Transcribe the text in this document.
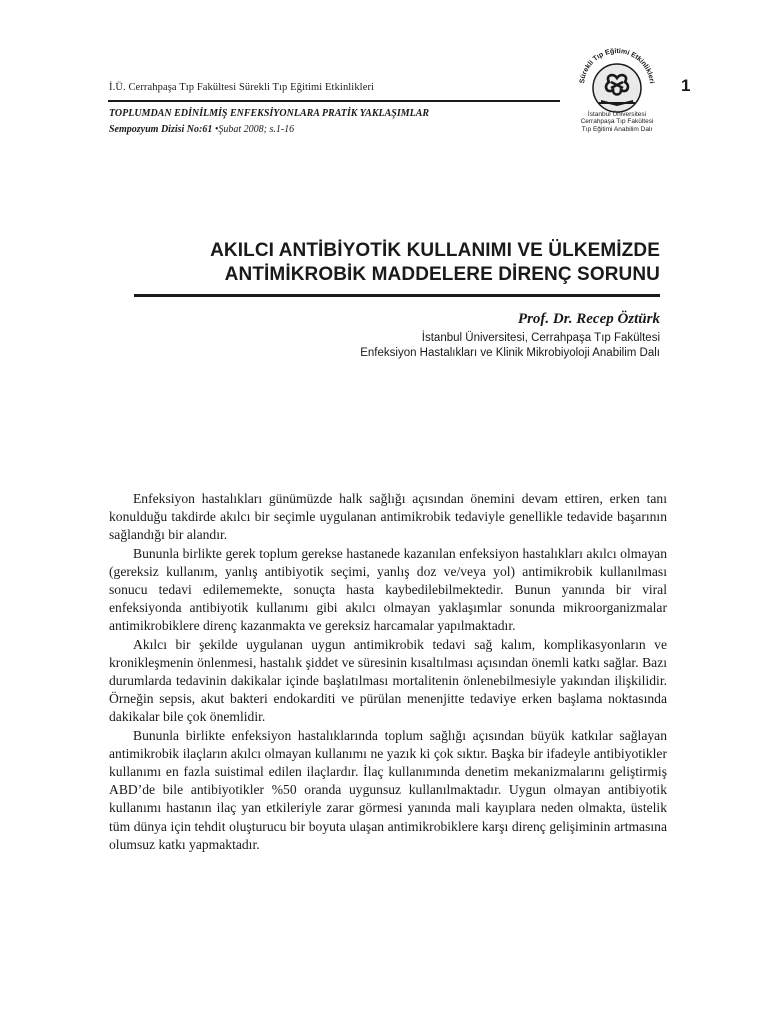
İ.Ü. Cerrahpaşa Tıp Fakültesi Sürekli Tıp Eğitimi Etkinlikleri
TOPLUMDAN EDİNİLMİŞ ENFEKSİYONLARA PRATİK YAKLAŞIMLAR
Sempozyum Dizisi No:61 •Şubat 2008; s.1-16
1
Sürekli Tıp Eğitimi Etkinlikleri
İstanbul Üniversitesi
Cerrahpaşa Tıp Fakültesi
Tıp Eğitimi Anabilim Dalı
AKILCI ANTİBİYOTİK KULLANIMI VE ÜLKEMİZDE
ANTİMİKROBİK MADDELERE DİRENÇ SORUNU
Prof. Dr. Recep Öztürk
İstanbul Üniversitesi, Cerrahpaşa Tıp Fakültesi
Enfeksiyon Hastalıkları ve Klinik Mikrobiyoloji Anabilim Dalı

Enfeksiyon hastalıkları günümüzde halk sağlığı açısından önemini devam ettiren, erken tanı konulduğu takdirde akılcı bir seçimle uygulanan antimikrobik tedaviyle genellikle tedavide başarının sağlandığı bir alandır.

Bununla birlikte gerek toplum gerekse hastanede kazanılan enfeksiyon hastalıkları akılcı olmayan (gereksiz kullanım, yanlış antibiyotik seçimi, yanlış doz ve/veya yol) antimikrobik kullanılması sonucu tedavi edilememekte, sonuçta hasta kaybedilebilmektedir. Bunun yanında bir viral enfeksiyonda antibiyotik kullanımı gibi akılcı olmayan yaklaşımlar sonunda mikroorganizmalar antimikrobiklere direnç kazanmakta ve gereksiz harcamalar yapılmaktadır.

Akılcı bir şekilde uygulanan uygun antimikrobik tedavi sağ kalım, komplikasyonların ve kronikleşmenin önlenmesi, hastalık şiddet ve süresinin kısaltılması açısından önemli katkı sağlar. Bazı durumlarda tedavinin dakikalar içinde başlatılması mortalitenin önlenebilmesiyle yakından ilişkilidir. Örneğin sepsis, akut bakteri endokarditi ve pürülan menenjitte tedaviye erken başlama noktasında dakikalar bile çok önemlidir.

Bununla birlikte enfeksiyon hastalıklarında toplum sağlığı açısından büyük katkılar sağlayan antimikrobik ilaçların akılcı olmayan kullanımı ne yazık ki çok sıktır. Başka bir ifadeyle antibiyotikler kullanımı en fazla suistimal edilen ilaçlardır. İlaç kullanımında denetim mekanizmalarını geliştirmiş ABD’de bile antibiyotikler %50 oranda uygunsuz kullanılmaktadır. Uygun olmayan antibiyotik kullanımı hastanın ilaç yan etkileriyle zarar görmesi yanında mali kayıplara neden olmakta, üstelik tüm dünya için tehdit oluşturucu bir boyuta ulaşan antimikrobiklere karşı direnç gelişiminin artmasına olumsuz katkı yapmaktadır.
